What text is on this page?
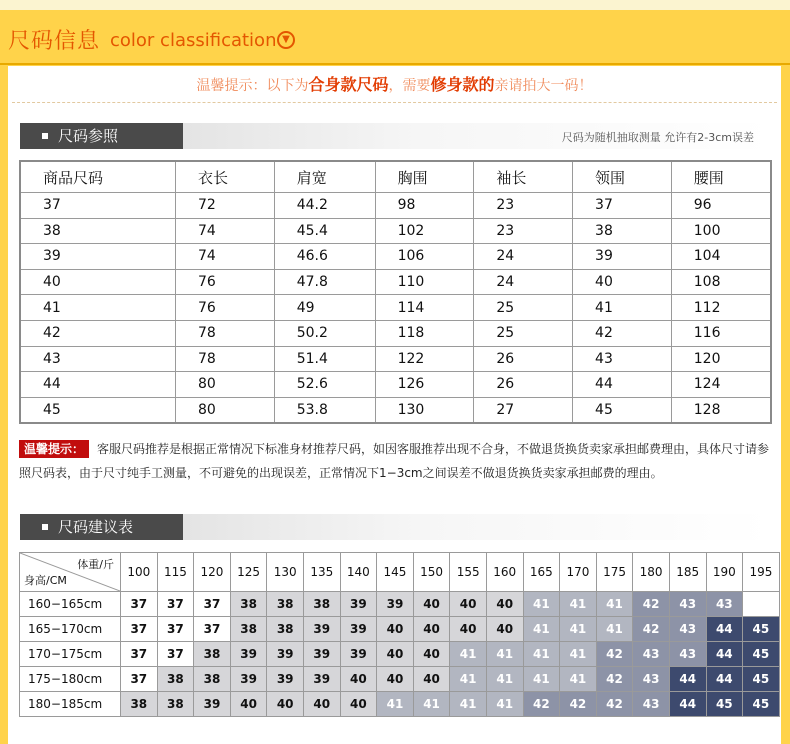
尺码信息 color classification ▼
温馨提示：以下为合身款尺码，需要修身款的亲请拍大一码！
尺码参照	尺码为随机抽取测量 允许有2-3cm误差
商品尺码	衣长	肩宽	胸围	袖长	领围	腰围
37	72	44.2	98	23	37	96
38	74	45.4	102	23	38	100
39	74	46.6	106	24	39	104
40	76	47.8	110	24	40	108
41	76	49	114	25	41	112
42	78	50.2	118	25	42	116
43	78	51.4	122	26	43	120
44	80	52.6	126	26	44	124
45	80	53.8	130	27	45	128
温馨提示： 客服尺码推荐是根据正常情况下标准身材推荐尺码，如因客服推荐出现不合身，不做退货换货卖家承担邮费理由，具体尺寸请参照尺码表，由于尺寸纯手工测量，不可避免的出现误差，正常情况下1−3cm之间误差不做退货换货卖家承担邮费的理由。
尺码建议表
体重/斤
身高/CM	100	115	120	125	130	135	140	145	150	155	160	165	170	175	180	185	190	195
160−165cm	37	37	37	38	38	38	39	39	40	40	40	41	41	41	42	43	43	
165−170cm	37	37	37	38	38	39	39	40	40	40	40	41	41	41	42	43	44	45
170−175cm	37	37	38	39	39	39	39	40	40	41	41	41	41	42	43	43	44	45
175−180cm	37	38	38	39	39	39	40	40	40	41	41	41	41	42	43	44	44	45
180−185cm	38	38	39	40	40	40	40	41	41	41	41	42	42	42	43	44	45	45
